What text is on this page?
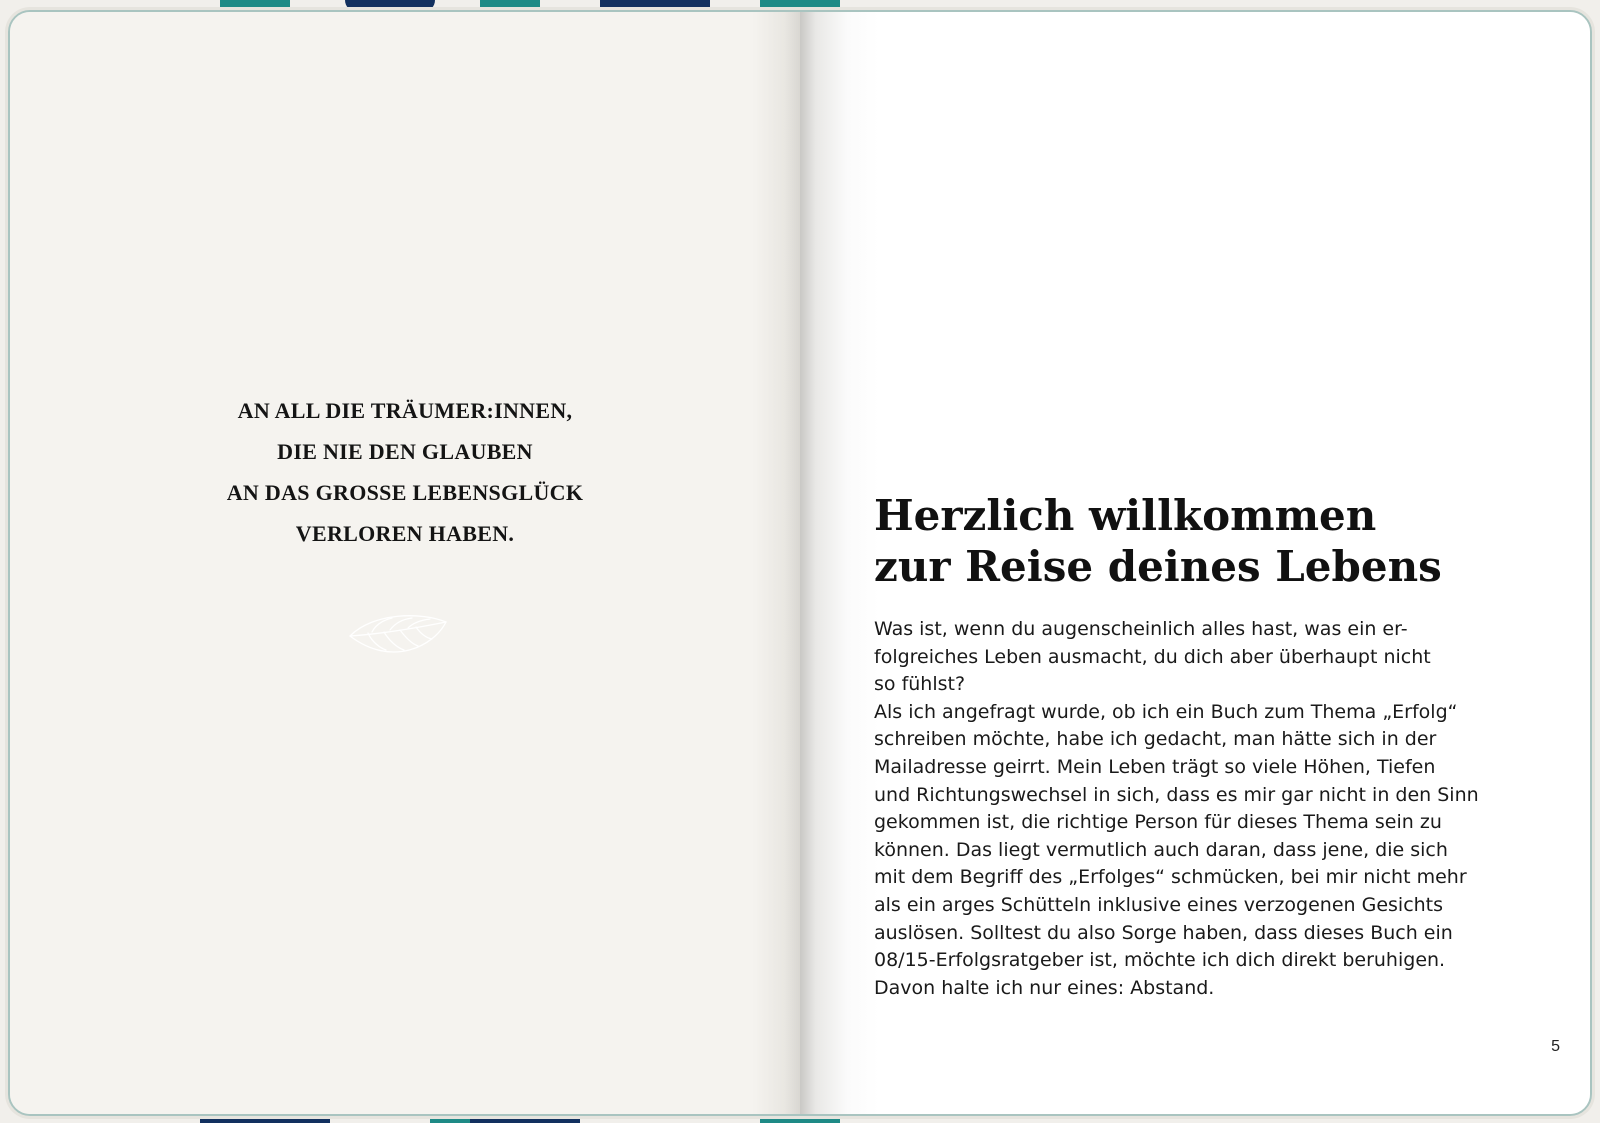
AN ALL DIE TRÄUMER:INNEN,
DIE NIE DEN GLAUBEN
AN DAS GROSSE LEBENSGLÜCK
VERLOREN HABEN.	Herzlich willkommen
zur Reise deines Lebens
Was ist, wenn du augenscheinlich alles hast, was ein er-
folgreiches Leben ausmacht, du dich aber überhaupt nicht
so fühlst?
Als ich angefragt wurde, ob ich ein Buch zum Thema „Erfolg“
schreiben möchte, habe ich gedacht, man hätte sich in der
Mailadresse geirrt. Mein Leben trägt so viele Höhen, Tiefen
und Richtungswechsel in sich, dass es mir gar nicht in den Sinn
gekommen ist, die richtige Person für dieses Thema sein zu
können. Das liegt vermutlich auch daran, dass jene, die sich
mit dem Begriff des „Erfolges“ schmücken, bei mir nicht mehr
als ein arges Schütteln inklusive eines verzogenen Gesichts
auslösen. Solltest du also Sorge haben, dass dieses Buch ein
08/15-Erfolgsratgeber ist, möchte ich dich direkt beruhigen.
Davon halte ich nur eines: Abstand.
5
